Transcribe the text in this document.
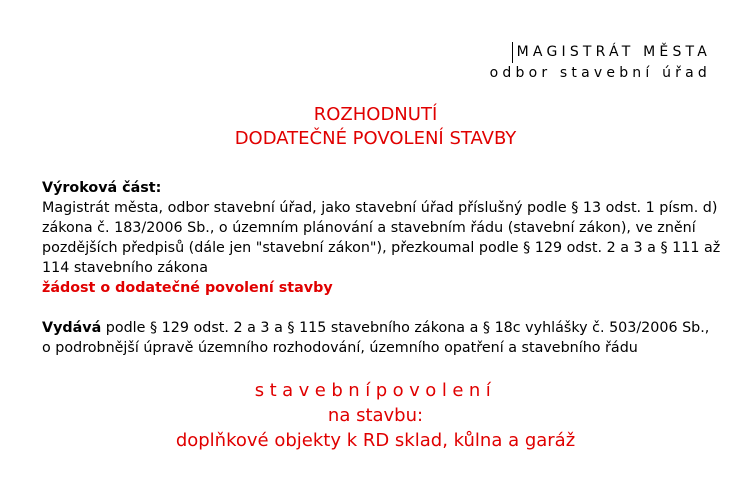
MAGISTRÁT MĚSTA
odbor stavební úřad
ROZHODNUTÍ
DODATEČNÉ POVOLENÍ STAVBY
Výroková část:
Magistrát města, odbor stavební úřad, jako stavební úřad příslušný podle § 13 odst. 1 písm. d) zákona č. 183/2006 Sb., o územním plánování a stavebním řádu (stavební zákon), ve znění pozdějších předpisů (dále jen "stavební zákon"), přezkoumal podle § 129 odst. 2 a 3 a § 111 až 114 stavebního zákona
žádost o dodatečné povolení stavby
Vydává podle § 129 odst. 2 a 3 a § 115 stavebního zákona a § 18c vyhlášky č. 503/2006 Sb., o podrobnější úpravě územního rozhodování, územního opatření a stavebního řádu
stavebnípovolení
na stavbu:
doplňkové objekty k RD sklad, kůlna a garáž
